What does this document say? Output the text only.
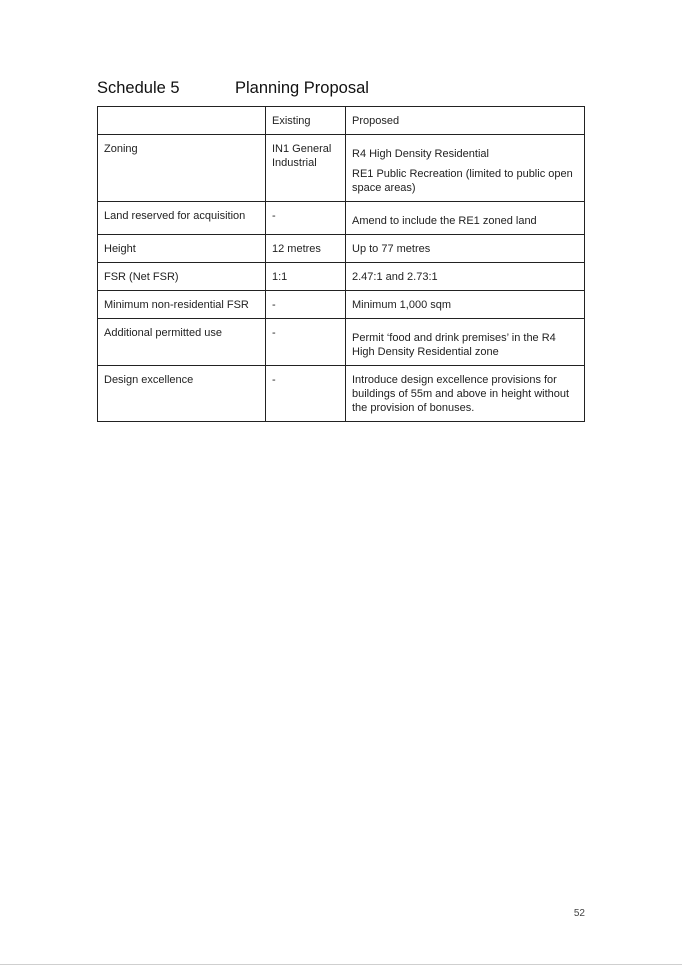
Schedule 5	Planning Proposal
	Existing	Proposed
Zoning	IN1 General Industrial	R4 High Density Residential
RE1 Public Recreation (limited to public open space areas)

Land reserved for acquisition	-	Amend to include the RE1 zoned land

Height	12 metres	Up to 77 metres

FSR (Net FSR)	1:1	2.47:1 and 2.73:1

Minimum non-residential FSR	-	Minimum 1,000 sqm

Additional permitted use	-	Permit ‘food and drink premises’ in the R4 High Density Residential zone

Design excellence	-	Introduce design excellence provisions for buildings of 55m and above in height without the provision of bonuses.
52
